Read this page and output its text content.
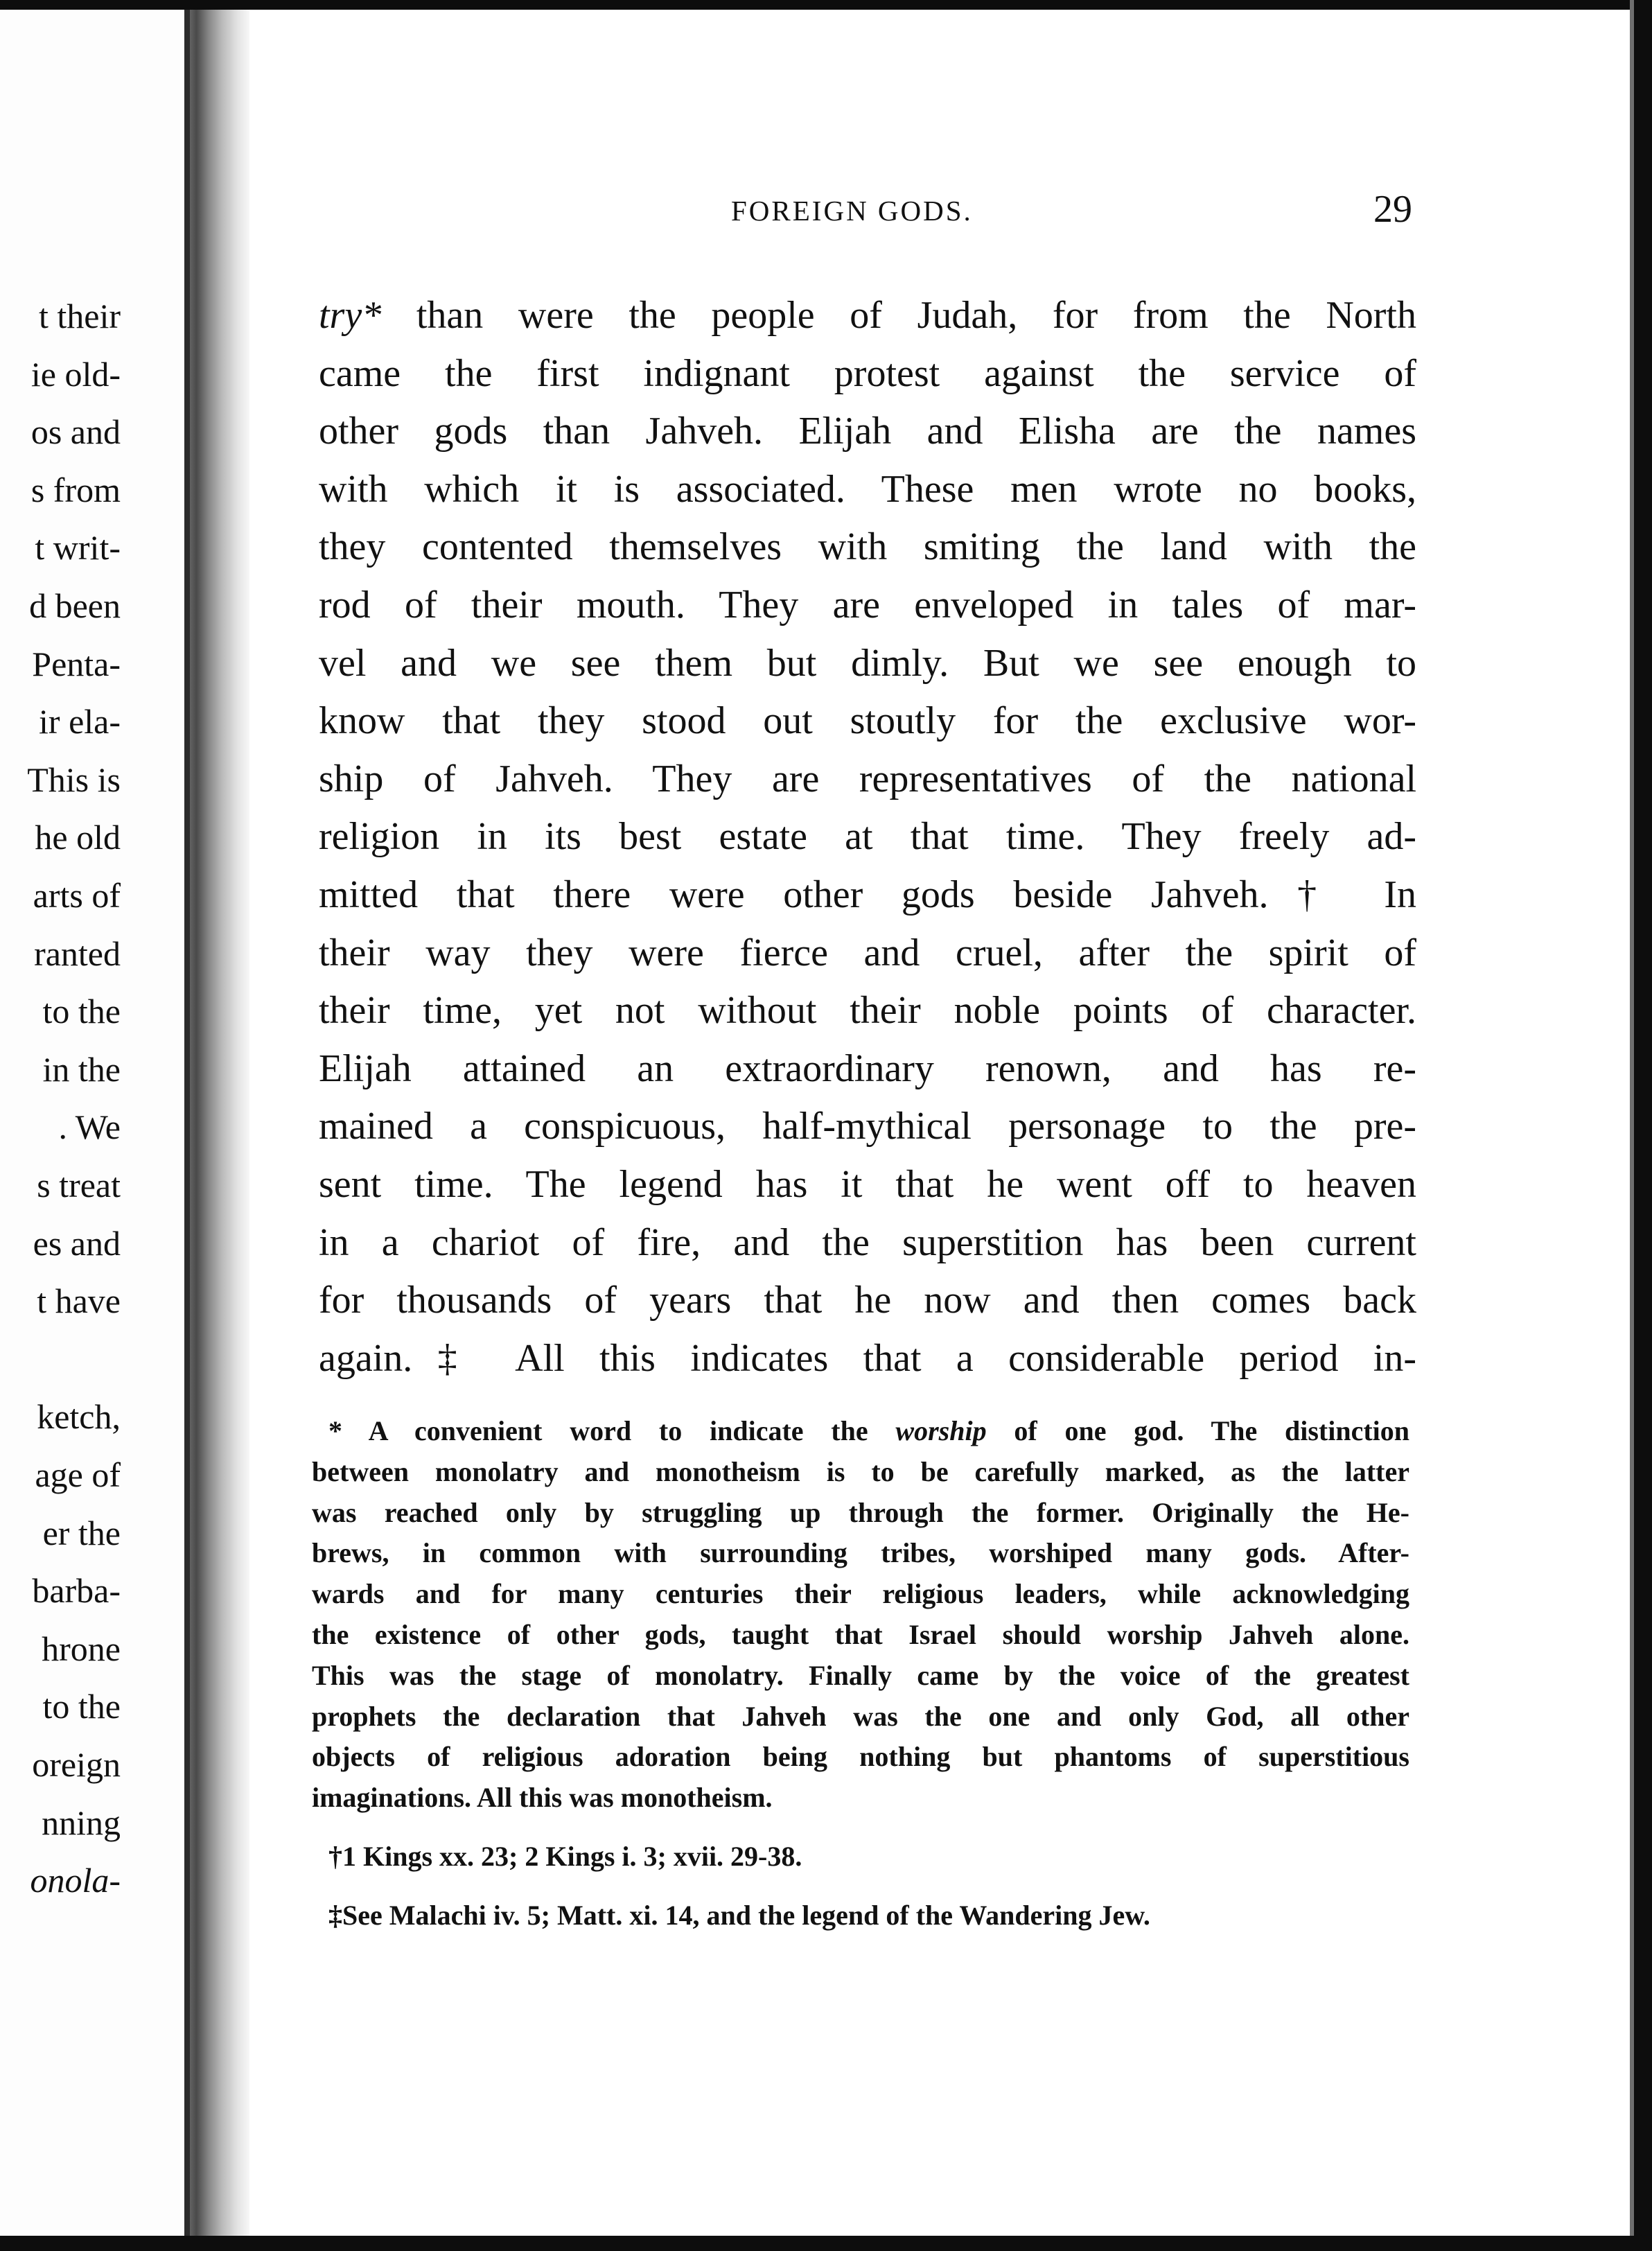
t their
ie old-
os and
s from
t writ-
d been
Penta-
ir ela-
This is
he old
arts of
ranted
to the
in the
. We
s treat
es and
t have
ketch,
age of
er the
barba-
hrone
to the
oreign
nning
onola-
FOREIGN GODS.	29
try* than were the people of Judah, for from the North
came the first indignant protest against the service of
other gods than Jahveh. Elijah and Elisha are the names
with which it is associated. These men wrote no books,
they contented themselves with smiting the land with the
rod of their mouth. They are enveloped in tales of mar-
vel and we see them but dimly. But we see enough to
know that they stood out stoutly for the exclusive wor-
ship of Jahveh. They are representatives of the national
religion in its best estate at that time. They freely ad-
mitted that there were other gods beside Jahveh.† In
their way they were fierce and cruel, after the spirit of
their time, yet not without their noble points of character.
Elijah attained an extraordinary renown, and has re-
mained a conspicuous, half-mythical personage to the pre-
sent time. The legend has it that he went off to heaven
in a chariot of fire, and the superstition has been current
for thousands of years that he now and then comes back
again.‡ All this indicates that a considerable period in-
* A convenient word to indicate the worship of one god. The distinction
between monolatry and monotheism is to be carefully marked, as the latter
was reached only by struggling up through the former. Originally the He-
brews, in common with surrounding tribes, worshiped many gods. After-
wards and for many centuries their religious leaders, while acknowledging
the existence of other gods, taught that Israel should worship Jahveh alone.
This was the stage of monolatry. Finally came by the voice of the greatest
prophets the declaration that Jahveh was the one and only God, all other
objects of religious adoration being nothing but phantoms of superstitious
imaginations. All this was monotheism.
†1 Kings xx. 23; 2 Kings i. 3; xvii. 29-38.
‡See Malachi iv. 5; Matt. xi. 14, and the legend of the Wandering Jew.
